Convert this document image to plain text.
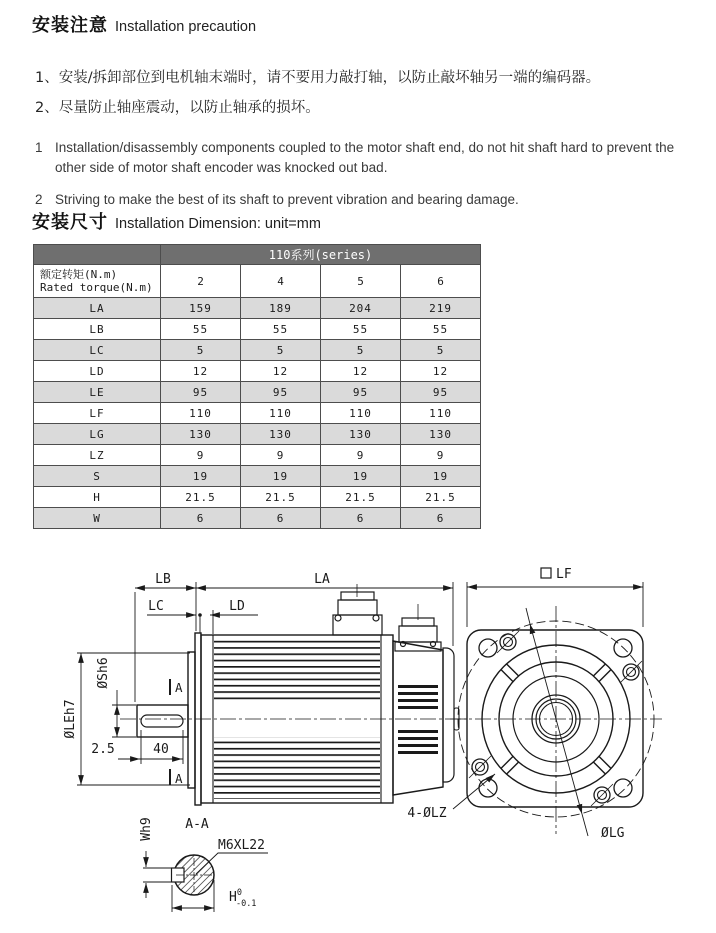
安装注意 Installation precaution
1、安装/拆卸部位到电机轴末端时，请不要用力敲打轴，以防止敲坏轴另一端的编码器。
2、尽量防止轴座震动，以防止轴承的损坏。
1 Installation/disassembly components coupled to the motor shaft end, do not hit shaft hard to prevent the other side of motor shaft encoder was knocked out bad.
2 Striving to make the best of its shaft to prevent vibration and bearing damage.
安装尺寸 Installation Dimension: unit=mm
	110系列(series)			

额定转矩(N.m)
Rated torque(N.m)	2	4	5	6
LA	159	189	204	219
LB	55	55	55	55
LC	5	5	5	5
LD	12	12	12	12
LE	95	95	95	95
LF	110	110	110	110
LG	130	130	130	130
LZ	9	9	9	9
S	19	19	19	19
H	21.5	21.5	21.5	21.5
W	6	6	6	6
LB	LA
LC	LD
ØSh6
ØLEh7
2.5	40
A
A
LF
4-ØLZ
ØLG
A-A
M6XL22
Wh9
$H^0$ -0.1
